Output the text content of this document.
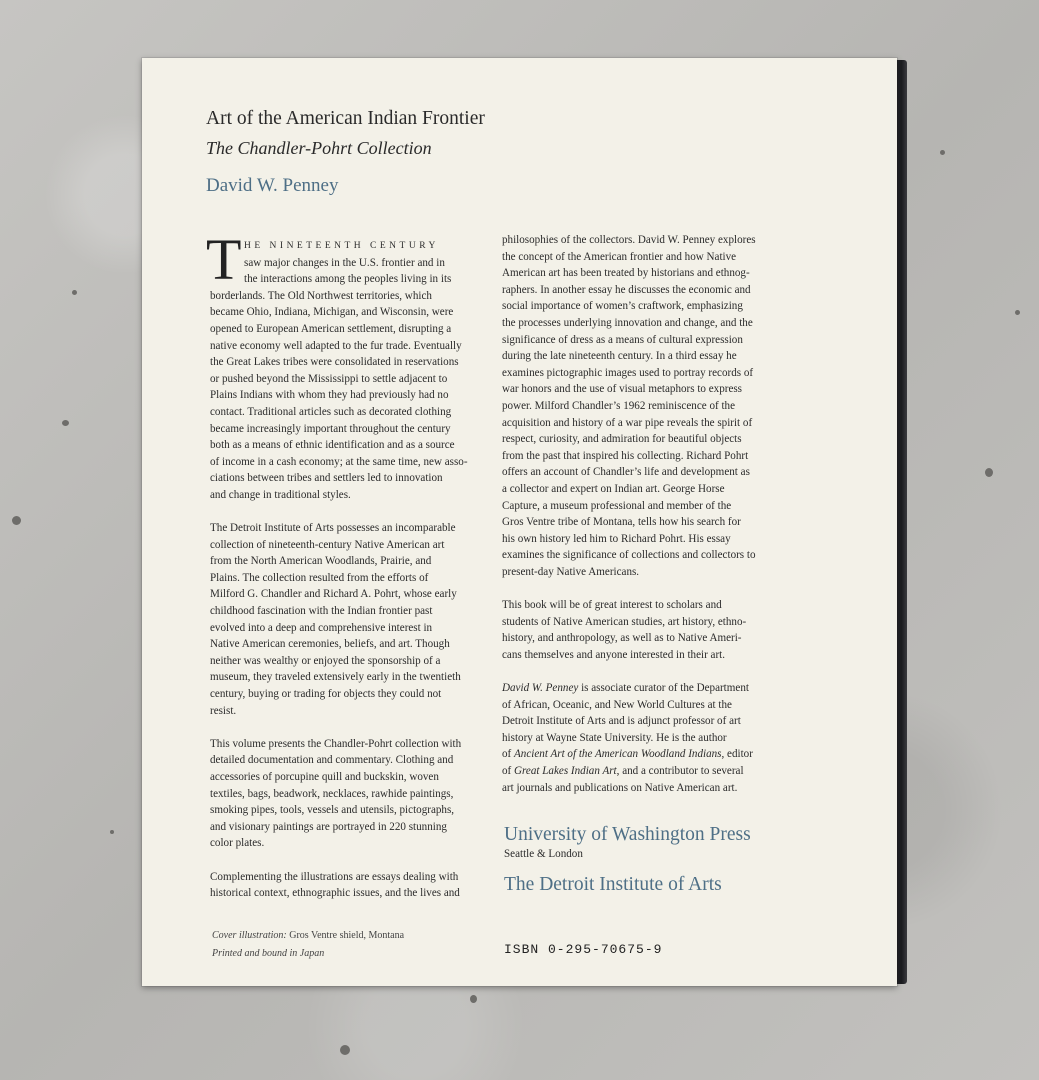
Art of the American Indian Frontier
The Chandler-Pohrt Collection
David W. Penney
T HE NINETEENTH CENTURY
saw major changes in the U.S. frontier and in
the interactions among the peoples living in its
borderlands. The Old Northwest territories, which
became Ohio, Indiana, Michigan, and Wisconsin, were
opened to European American settlement, disrupting a
native economy well adapted to the fur trade. Eventually
the Great Lakes tribes were consolidated in reservations
or pushed beyond the Mississippi to settle adjacent to
Plains Indians with whom they had previously had no
contact. Traditional articles such as decorated clothing
became increasingly important throughout the century
both as a means of ethnic identification and as a source
of income in a cash economy; at the same time, new asso-
ciations between tribes and settlers led to innovation
and change in traditional styles.
The Detroit Institute of Arts possesses an incomparable
collection of nineteenth-century Native American art
from the North American Woodlands, Prairie, and
Plains. The collection resulted from the efforts of
Milford G. Chandler and Richard A. Pohrt, whose early
childhood fascination with the Indian frontier past
evolved into a deep and comprehensive interest in
Native American ceremonies, beliefs, and art. Though
neither was wealthy or enjoyed the sponsorship of a
museum, they traveled extensively early in the twentieth
century, buying or trading for objects they could not
resist.
This volume presents the Chandler-Pohrt collection with
detailed documentation and commentary. Clothing and
accessories of porcupine quill and buckskin, woven
textiles, bags, beadwork, necklaces, rawhide paintings,
smoking pipes, tools, vessels and utensils, pictographs,
and visionary paintings are portrayed in 220 stunning
color plates.
Complementing the illustrations are essays dealing with
historical context, ethnographic issues, and the lives and
philosophies of the collectors. David W. Penney explores
the concept of the American frontier and how Native
American art has been treated by historians and ethnog-
raphers. In another essay he discusses the economic and
social importance of women’s craftwork, emphasizing
the processes underlying innovation and change, and the
significance of dress as a means of cultural expression
during the late nineteenth century. In a third essay he
examines pictographic images used to portray records of
war honors and the use of visual metaphors to express
power. Milford Chandler’s 1962 reminiscence of the
acquisition and history of a war pipe reveals the spirit of
respect, curiosity, and admiration for beautiful objects
from the past that inspired his collecting. Richard Pohrt
offers an account of Chandler’s life and development as
a collector and expert on Indian art. George Horse
Capture, a museum professional and member of the
Gros Ventre tribe of Montana, tells how his search for
his own history led him to Richard Pohrt. His essay
examines the significance of collections and collectors to
present-day Native Americans.
This book will be of great interest to scholars and
students of Native American studies, art history, ethno-
history, and anthropology, as well as to Native Ameri-
cans themselves and anyone interested in their art.
David W. Penney is associate curator of the Department
of African, Oceanic, and New World Cultures at the
Detroit Institute of Arts and is adjunct professor of art
history at Wayne State University. He is the author
of Ancient Art of the American Woodland Indians, editor
of Great Lakes Indian Art, and a contributor to several
art journals and publications on Native American art.
University of Washington Press
Seattle & London
The Detroit Institute of Arts
Cover illustration: Gros Ventre shield, Montana
Printed and bound in Japan	ISBN 0-295-70675-9
